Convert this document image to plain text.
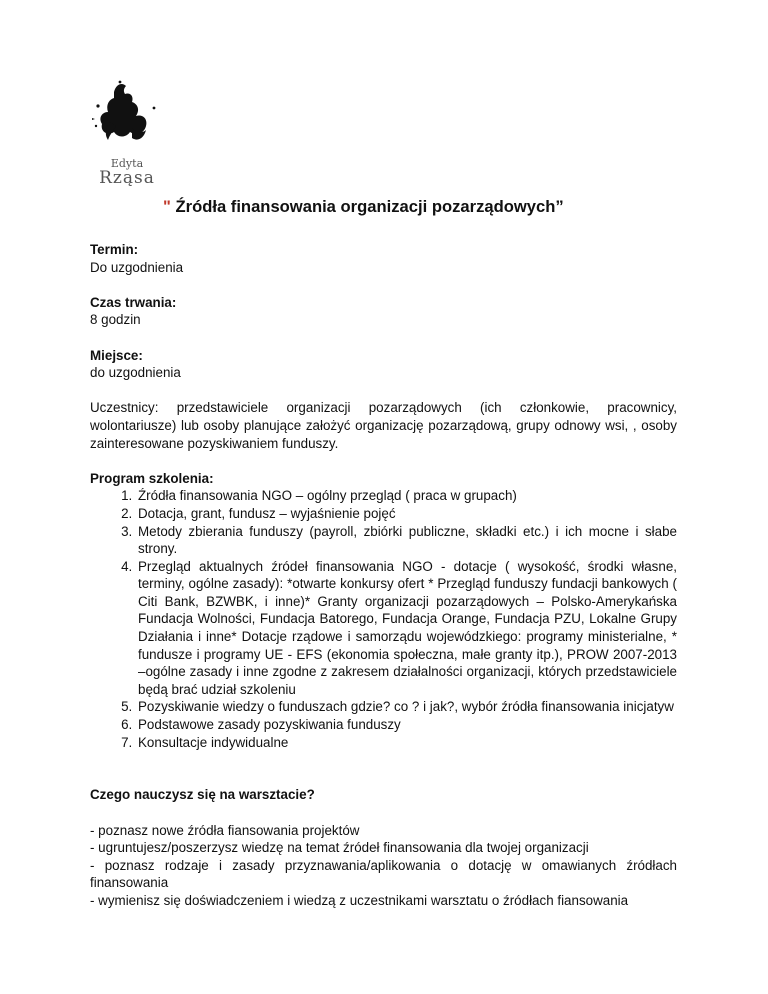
Edyta
Rząsa
" Źródła finansowania organizacji pozarządowych”
Termin:
Do uzgodnienia
Czas trwania:
8 godzin
Miejsce:
do uzgodnienia
Uczestnicy: przedstawiciele organizacji pozarządowych (ich członkowie, pracownicy, wolontariusze) lub osoby planujące założyć organizację pozarządową, grupy odnowy wsi, , osoby zainteresowane pozyskiwaniem funduszy.
Program szkolenia:
1. Źródła finansowania NGO – ogólny przegląd ( praca w grupach)
2. Dotacja, grant, fundusz – wyjaśnienie pojęć
3. Metody zbierania funduszy (payroll, zbiórki publiczne, składki etc.) i ich mocne i słabe strony.
4. Przegląd aktualnych źródeł finansowania NGO - dotacje ( wysokość, środki własne, terminy, ogólne zasady): *otwarte konkursy ofert * Przegląd funduszy fundacji bankowych ( Citi Bank, BZWBK, i inne)* Granty organizacji pozarządowych – Polsko-Amerykańska Fundacja Wolności, Fundacja Batorego, Fundacja Orange, Fundacja PZU, Lokalne Grupy Działania i inne* Dotacje rządowe i samorządu wojewódzkiego: programy ministerialne, * fundusze i programy UE - EFS (ekonomia społeczna, małe granty itp.), PROW 2007-2013 –ogólne zasady i inne zgodne z zakresem działalności organizacji, których przedstawiciele będą brać udział szkoleniu
5. Pozyskiwanie wiedzy o funduszach gdzie? co ? i jak?, wybór źródła finansowania inicjatyw
6. Podstawowe zasady pozyskiwania funduszy
7. Konsultacje indywidualne
Czego nauczysz się na warsztacie?
- poznasz nowe źródła fiansowania projektów
- ugruntujesz/poszerzysz wiedzę na temat źródeł finansowania dla twojej organizacji
- poznasz rodzaje i zasady przyznawania/aplikowania o dotację w omawianych źródłach finansowania
- wymienisz się doświadczeniem i wiedzą z uczestnikami warsztatu o źródłach fiansowania
